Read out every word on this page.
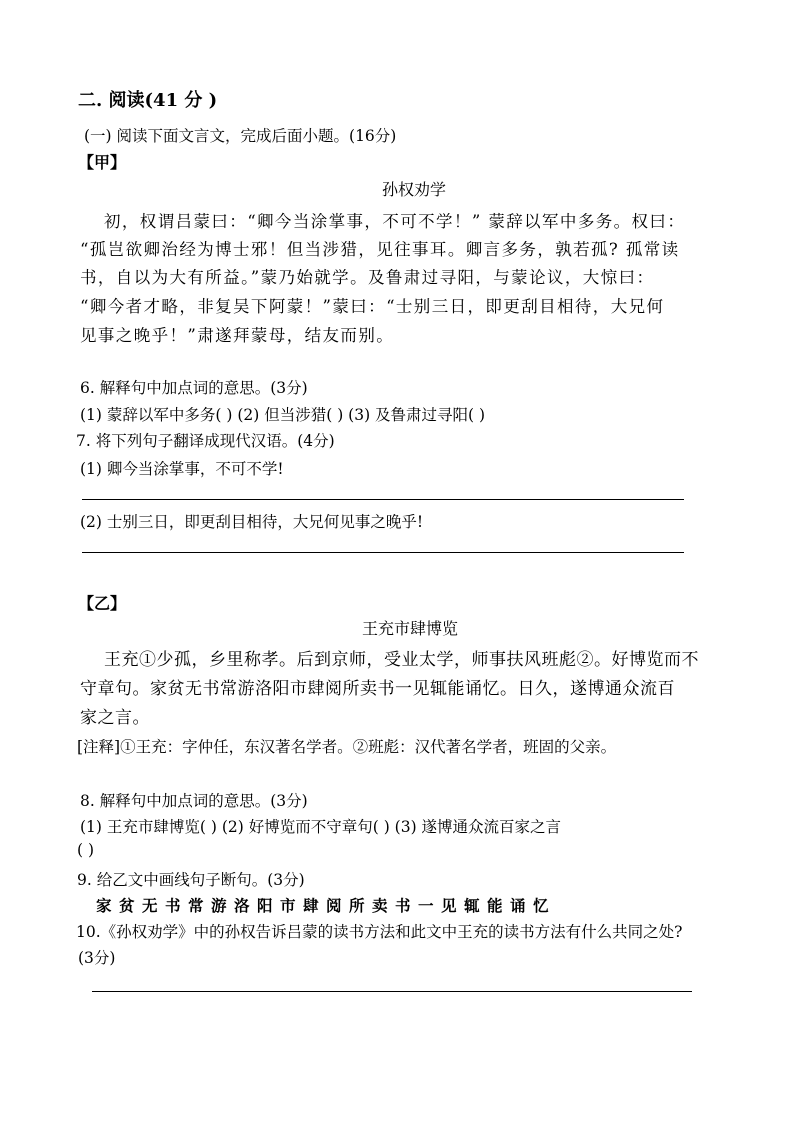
二. 阅读(41 分 )
(一) 阅读下面文言文，完成后面小题。(16分)
【甲】
孙权劝学
初，权谓吕蒙曰：“卿今当涂掌事，不可不学！” 蒙辞以军中多务。权曰：
“孤岂欲卿治经为博士邪！但当涉猎，见往事耳。卿言多务，孰若孤? 孤常读
书，自以为大有所益。”蒙乃始就学。及鲁肃过寻阳，与蒙论议，大惊曰：
“卿今者才略，非复吴下阿蒙！”蒙曰：“士别三日，即更刮目相待，大兄何
见事之晚乎！”肃遂拜蒙母，结友而别。
6. 解释句中加点词的意思。(3分)
(1) 蒙辞以军中多务( ) (2) 但当涉猎( ) (3) 及鲁肃过寻阳( )
7. 将下列句子翻译成现代汉语。(4分)
(1) 卿今当涂掌事，不可不学!
(2) 士别三日，即更刮目相待，大兄何见事之晚乎!
【乙】
王充市肆博览
王充①少孤，乡里称孝。后到京师，受业太学，师事扶风班彪②。好博览而不
守章句。家贫无书常游洛阳市肆阅所卖书一见辄能诵忆。日久，遂博通众流百
家之言。
[注释]①王充：字仲任，东汉著名学者。②班彪：汉代著名学者，班固的父亲。
8. 解释句中加点词的意思。(3分)
(1) 王充市肆博览( ) (2) 好博览而不守章句( ) (3) 遂博通众流百家之言
( )
9. 给乙文中画线句子断句。(3分)
家贫无书常游洛阳市肆阅所卖书一见辄能诵忆
10.《孙权劝学》中的孙权告诉吕蒙的读书方法和此文中王充的读书方法有什么共同之处?
(3分)
